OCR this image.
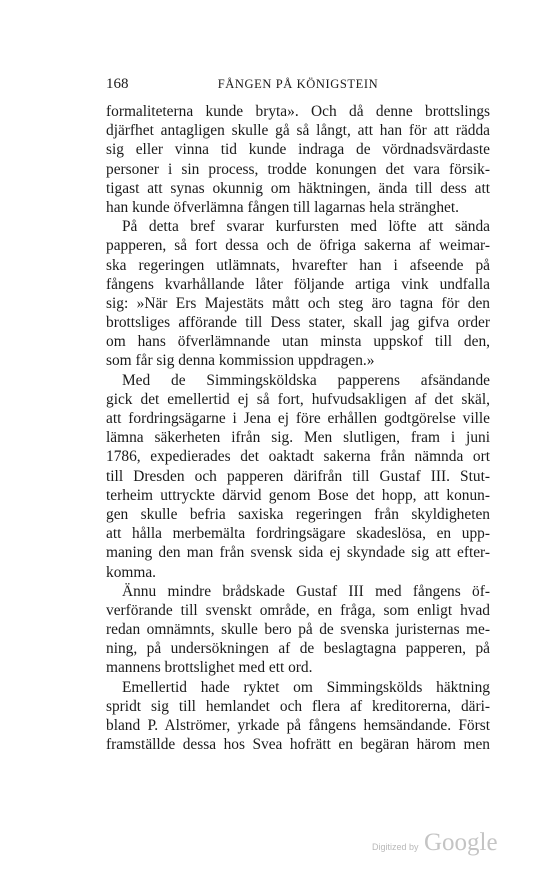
168	FÅNGEN PÅ KÖNIGSTEIN
formaliteterna kunde bryta». Och då denne brottslings
djärfhet antagligen skulle gå så långt, att han för att rädda
sig eller vinna tid kunde indraga de vördnadsvärdaste
personer i sin process, trodde konungen det vara försik-
tigast att synas okunnig om häktningen, ända till dess att
han kunde öfverlämna fången till lagarnas hela stränghet.
På detta bref svarar kurfursten med löfte att sända
papperen, så fort dessa och de öfriga sakerna af weimar-
ska regeringen utlämnats, hvarefter han i afseende på
fångens kvarhållande låter följande artiga vink undfalla
sig: »När Ers Majestäts mått och steg äro tagna för den
brottsliges afförande till Dess stater, skall jag gifva order
om hans öfverlämnande utan minsta uppskof till den,
som får sig denna kommission uppdragen.»
Med de Simmingsköldska papperens afsändande
gick det emellertid ej så fort, hufvudsakligen af det skäl,
att fordringsägarne i Jena ej före erhållen godtgörelse ville
lämna säkerheten ifrån sig. Men slutligen, fram i juni
1786, expedierades det oaktadt sakerna från nämnda ort
till Dresden och papperen därifrån till Gustaf III. Stut-
terheim uttryckte därvid genom Bose det hopp, att konun-
gen skulle befria saxiska regeringen från skyldigheten
att hålla merbemälta fordringsägare skadeslösa, en upp-
maning den man från svensk sida ej skyndade sig att efter-
komma.
Ännu mindre brådskade Gustaf III med fångens öf-
verförande till svenskt område, en fråga, som enligt hvad
redan omnämnts, skulle bero på de svenska juristernas me-
ning, på undersökningen af de beslagtagna papperen, på
mannens brottslighet med ett ord.
Emellertid hade ryktet om Simmingskölds häktning
spridt sig till hemlandet och flera af kreditorerna, däri-
bland P. Alströmer, yrkade på fångens hemsändande. Först
framställde dessa hos Svea hofrätt en begäran härom men
Digitized by Google
